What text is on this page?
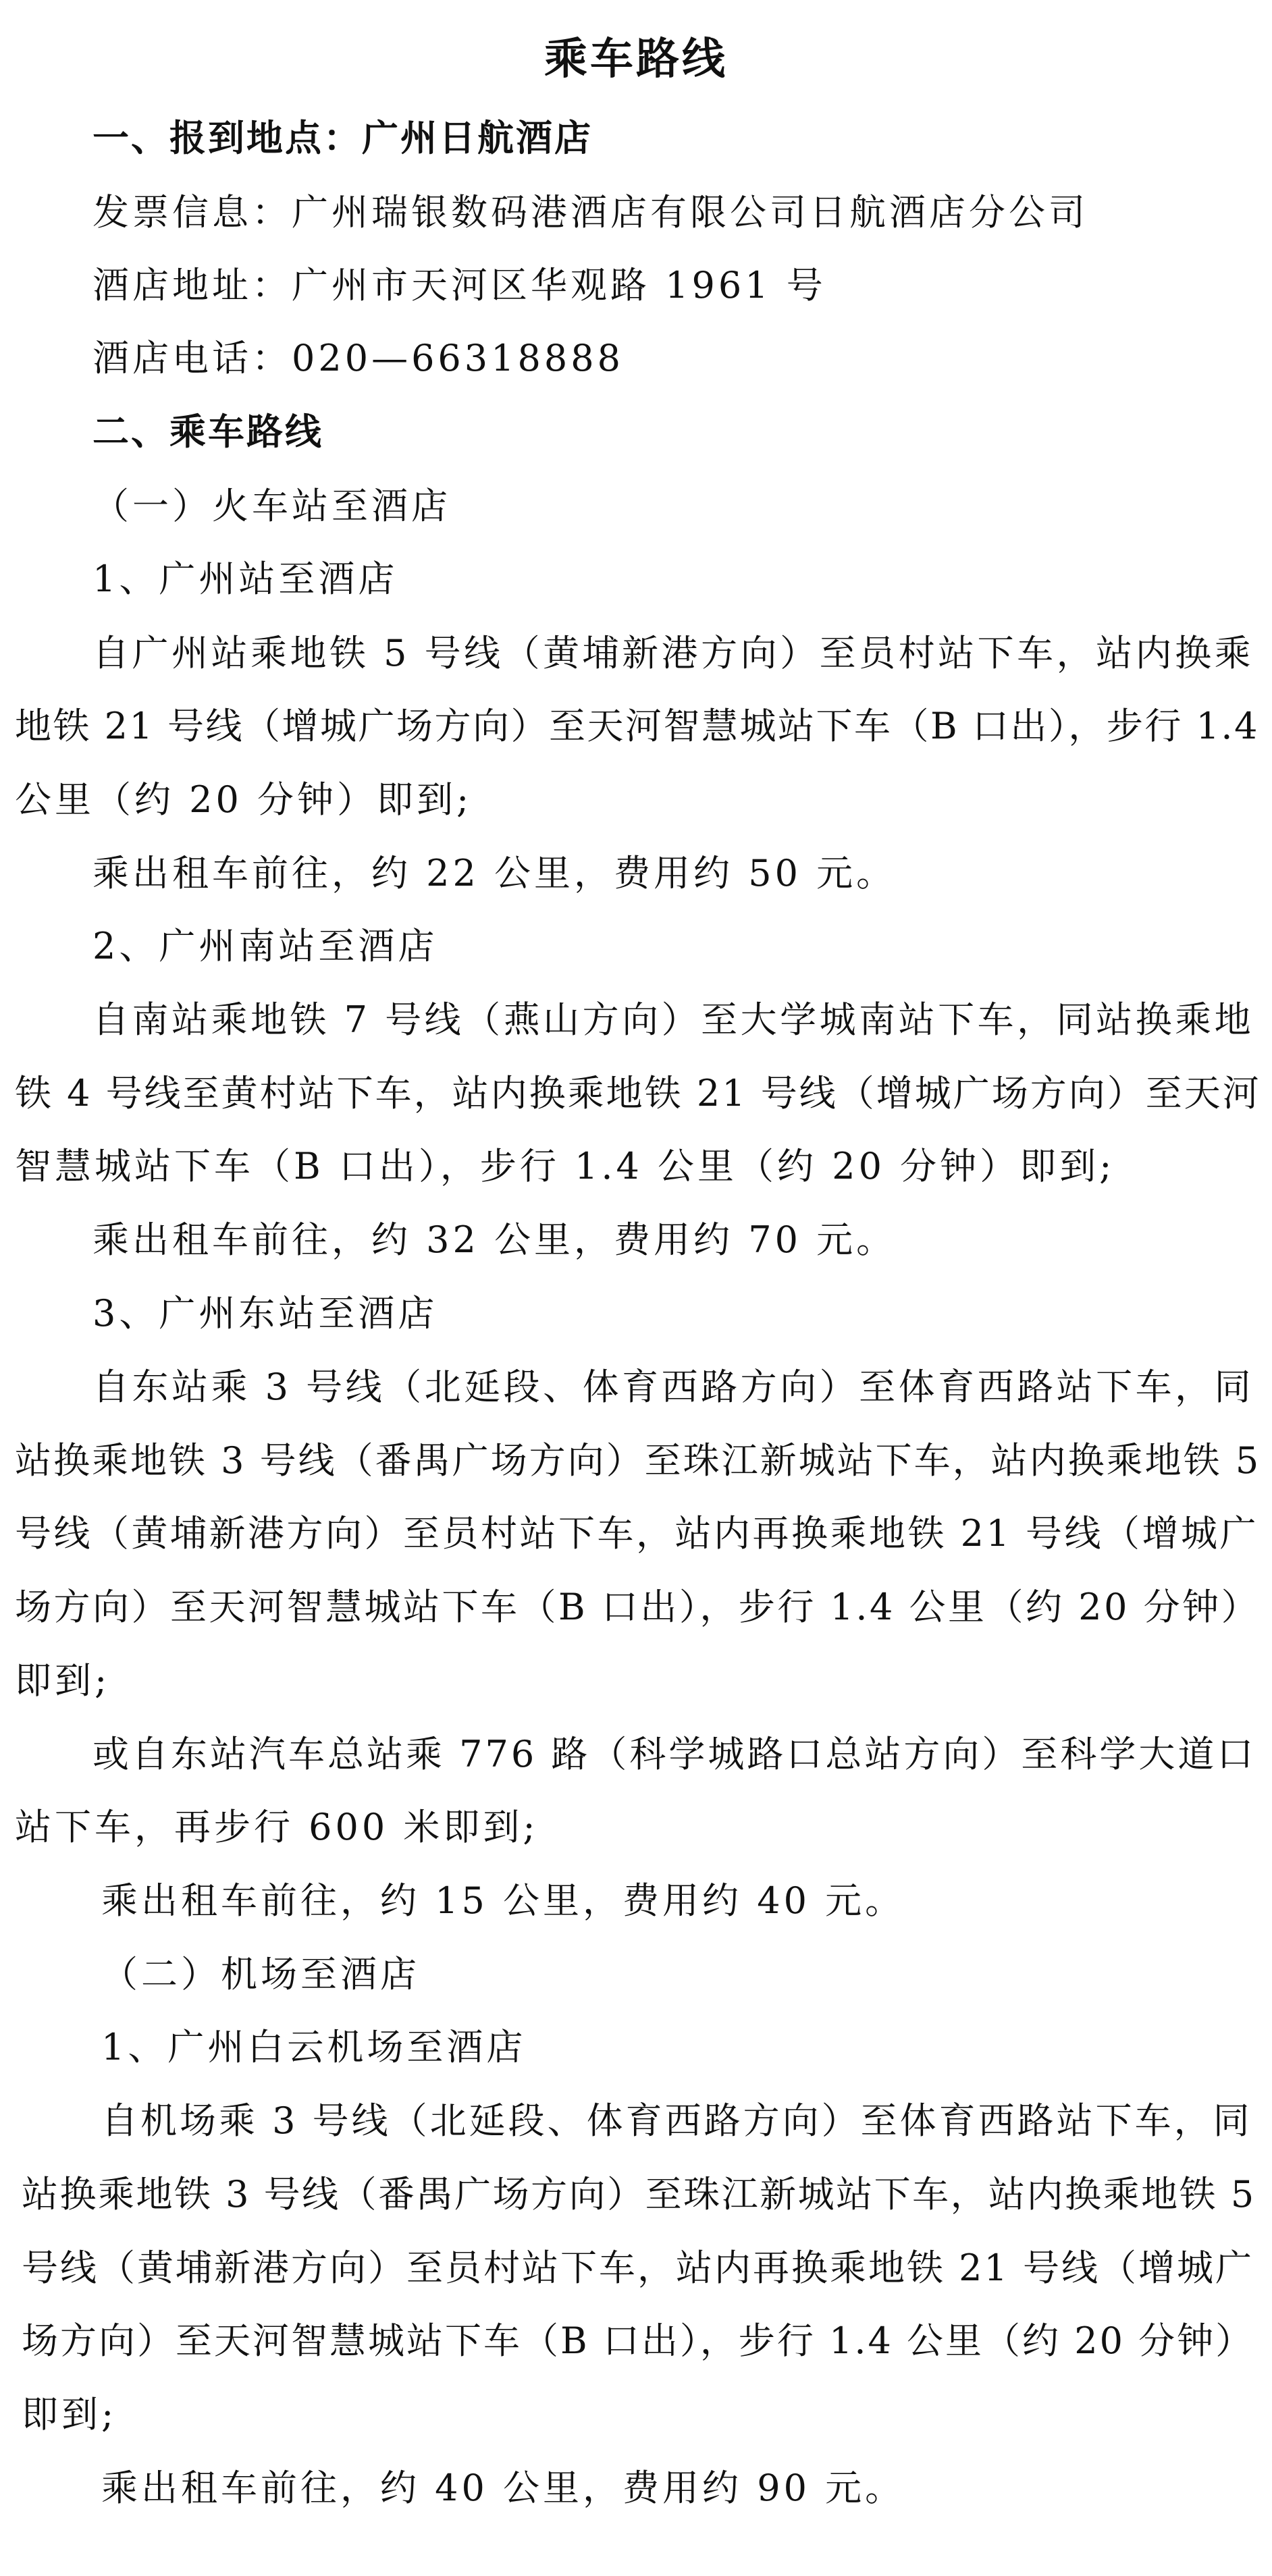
乘车路线
一、报到地点：广州日航酒店
发票信息：广州瑞银数码港酒店有限公司日航酒店分公司
酒店地址：广州市天河区华观路 1961 号
酒店电话：020—66318888
二、乘车路线
（一）火车站至酒店
1、广州站至酒店
自广州站乘地铁 5 号线（黄埔新港方向）至员村站下车，站内换乘
地铁 21 号线（增城广场方向）至天河智慧城站下车（B 口出），步行 1.4
公里（约 20 分钟）即到;
乘出租车前往，约 22 公里，费用约 50 元。
2、广州南站至酒店
自南站乘地铁 7 号线（燕山方向）至大学城南站下车，同站换乘地
铁 4 号线至黄村站下车，站内换乘地铁 21 号线（增城广场方向）至天河
智慧城站下车（B 口出），步行 1.4 公里（约 20 分钟）即到;
乘出租车前往，约 32 公里，费用约 70 元。
3、广州东站至酒店
自东站乘 3 号线（北延段、体育西路方向）至体育西路站下车，同
站换乘地铁 3 号线（番禺广场方向）至珠江新城站下车，站内换乘地铁 5
号线（黄埔新港方向）至员村站下车，站内再换乘地铁 21 号线（增城广
场方向）至天河智慧城站下车（B 口出），步行 1.4 公里（约 20 分钟）
即到;
或自东站汽车总站乘 776 路（科学城路口总站方向）至科学大道口
站下车，再步行 600 米即到;
乘出租车前往，约 15 公里，费用约 40 元。
（二）机场至酒店
1、广州白云机场至酒店
自机场乘 3 号线（北延段、体育西路方向）至体育西路站下车，同
站换乘地铁 3 号线（番禺广场方向）至珠江新城站下车，站内换乘地铁 5
号线（黄埔新港方向）至员村站下车，站内再换乘地铁 21 号线（增城广
场方向）至天河智慧城站下车（B 口出），步行 1.4 公里（约 20 分钟）
即到;
乘出租车前往，约 40 公里，费用约 90 元。
